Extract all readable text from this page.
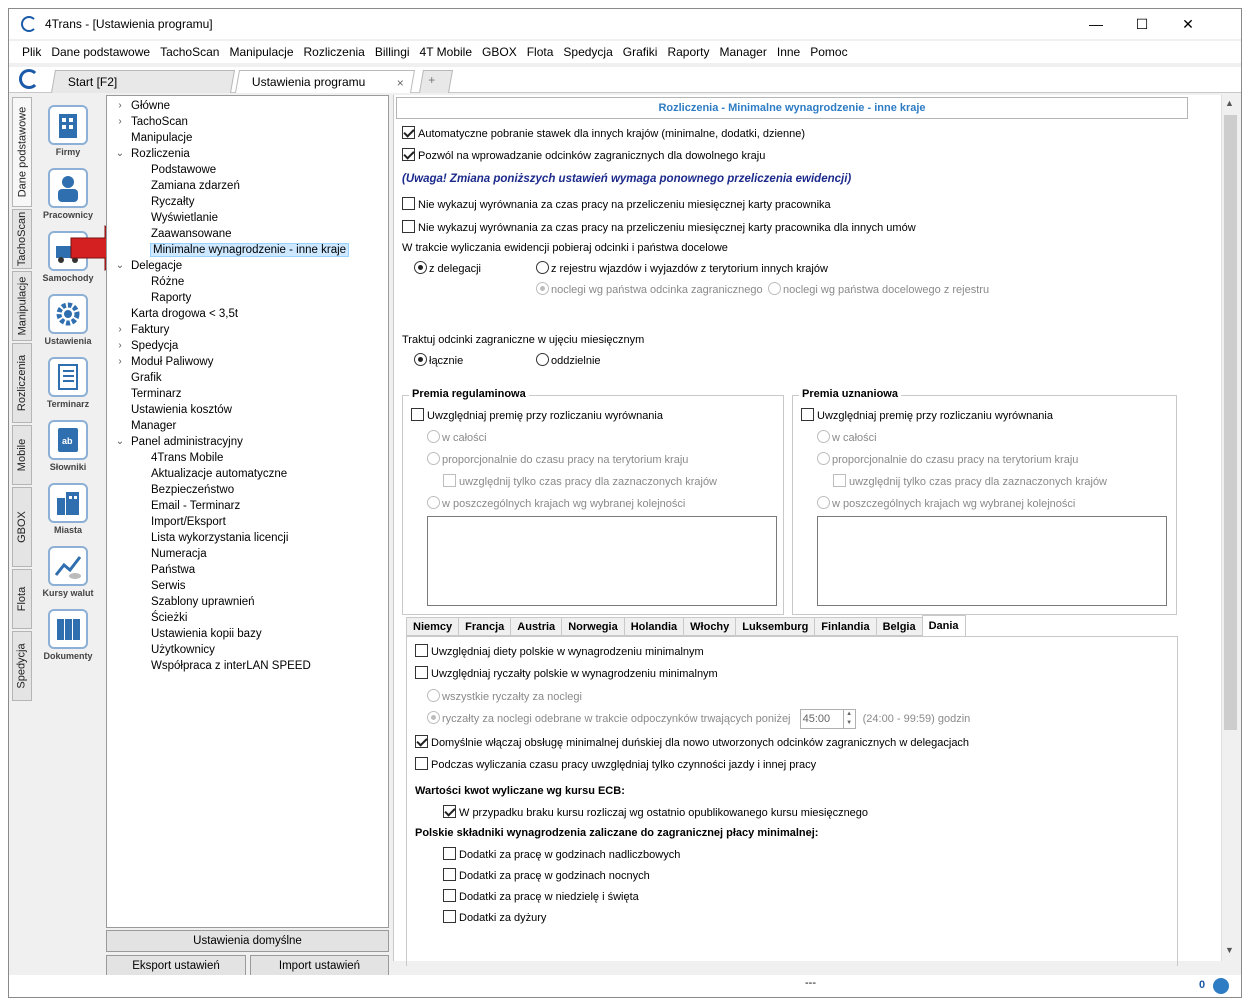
4Trans - [Ustawienia programu]	—	☐	✕
Plik Dane podstawowe TachoScan Manipulacje Rozliczenia Billingi 4T Mobile GBOX Flota Spedycja Grafiki Raporty Manager Inne Pomoc
Start [F2]	Ustawienia programu	×	+
Dane podstawowe
TachoScan
Manipulacje
Rozliczenia
Mobile
GBOX
Flota
Spedycja
Firmy
Pracownicy
Samochody
Ustawienia
Terminarz
ab
Słowniki
Miasta
Kursy walut
Dokumenty
› Główne
› TachoScan
Manipulacje
⌄ Rozliczenia
Podstawowe
Zamiana zdarzeń
Ryczałty
Wyświetlanie
Zaawansowane
Minimalne wynagrodzenie - inne kraje
⌄ Delegacje
Różne
Raporty
Karta drogowa < 3,5t
› Faktury
› Spedycja
› Moduł Paliwowy
Grafik
Terminarz
Ustawienia kosztów
Manager
⌄ Panel administracyjny
4Trans Mobile
Aktualizacje automatyczne
Bezpieczeństwo
Email - Terminarz
Import/Eksport
Lista wykorzystania licencji
Numeracja
Państwa
Serwis
Szablony uprawnień
Ścieżki
Ustawienia kopii bazy
Użytkownicy
Współpraca z interLAN SPEED
Ustawienia domyślne
Eksport ustawień	Import ustawień
Rozliczenia - Minimalne wynagrodzenie - inne kraje
Automatyczne pobranie stawek dla innych krajów (minimalne, dodatki, dzienne)
Pozwól na wprowadzanie odcinków zagranicznych dla dowolnego kraju
(Uwaga! Zmiana poniższych ustawień wymaga ponownego przeliczenia ewidencji)
Nie wykazuj wyrównania za czas pracy na przeliczeniu miesięcznej karty pracownika
Nie wykazuj wyrównania za czas pracy na przeliczeniu miesięcznej karty pracownika dla innych umów
W trakcie wyliczania ewidencji pobieraj odcinki i państwa docelowe
z delegacji	z rejestru wjazdów i wyjazdów z terytorium innych krajów
noclegi wg państwa odcinka zagranicznego	noclegi wg państwa docelowego z rejestru
Traktuj odcinki zagraniczne w ujęciu miesięcznym
łącznie	oddzielnie
Premia regulaminowa
Uwzględniaj premię przy rozliczaniu wyrównania
w całości
proporcjonalnie do czasu pracy na terytorium kraju
uwzględnij tylko czas pracy dla zaznaczonych krajów
w poszczególnych krajach wg wybranej kolejności
Premia uznaniowa
Uwzględniaj premię przy rozliczaniu wyrównania
w całości
proporcjonalnie do czasu pracy na terytorium kraju
uwzględnij tylko czas pracy dla zaznaczonych krajów
w poszczególnych krajach wg wybranej kolejności
Niemcy	Francja	Austria	Norwegia	Holandia	Włochy	Luksemburg	Finlandia	Belgia	Dania
Uwzględniaj diety polskie w wynagrodzeniu minimalnym
Uwzględniaj ryczałty polskie w wynagrodzeniu minimalnym
wszystkie ryczałty za noclegi
ryczałty za noclegi odebrane w trakcie odpoczynków trwających poniżej 45:00	▲
▼ (24:00 - 99:59) godzin
Domyślnie włączaj obsługę minimalnej duńskiej dla nowo utworzonych odcinków zagranicznych w delegacjach
Podczas wyliczania czasu pracy uwzględniaj tylko czynności jazdy i innej pracy
Wartości kwot wyliczane wg kursu ECB:
W przypadku braku kursu rozliczaj wg ostatnio opublikowanego kursu miesięcznego
Polskie składniki wynagrodzenia zaliczane do zagranicznej płacy minimalnej:
Dodatki za pracę w godzinach nadliczbowych
Dodatki za pracę w godzinach nocnych
Dodatki za pracę w niedzielę i święta
Dodatki za dyżury
▲
▼
---	0
